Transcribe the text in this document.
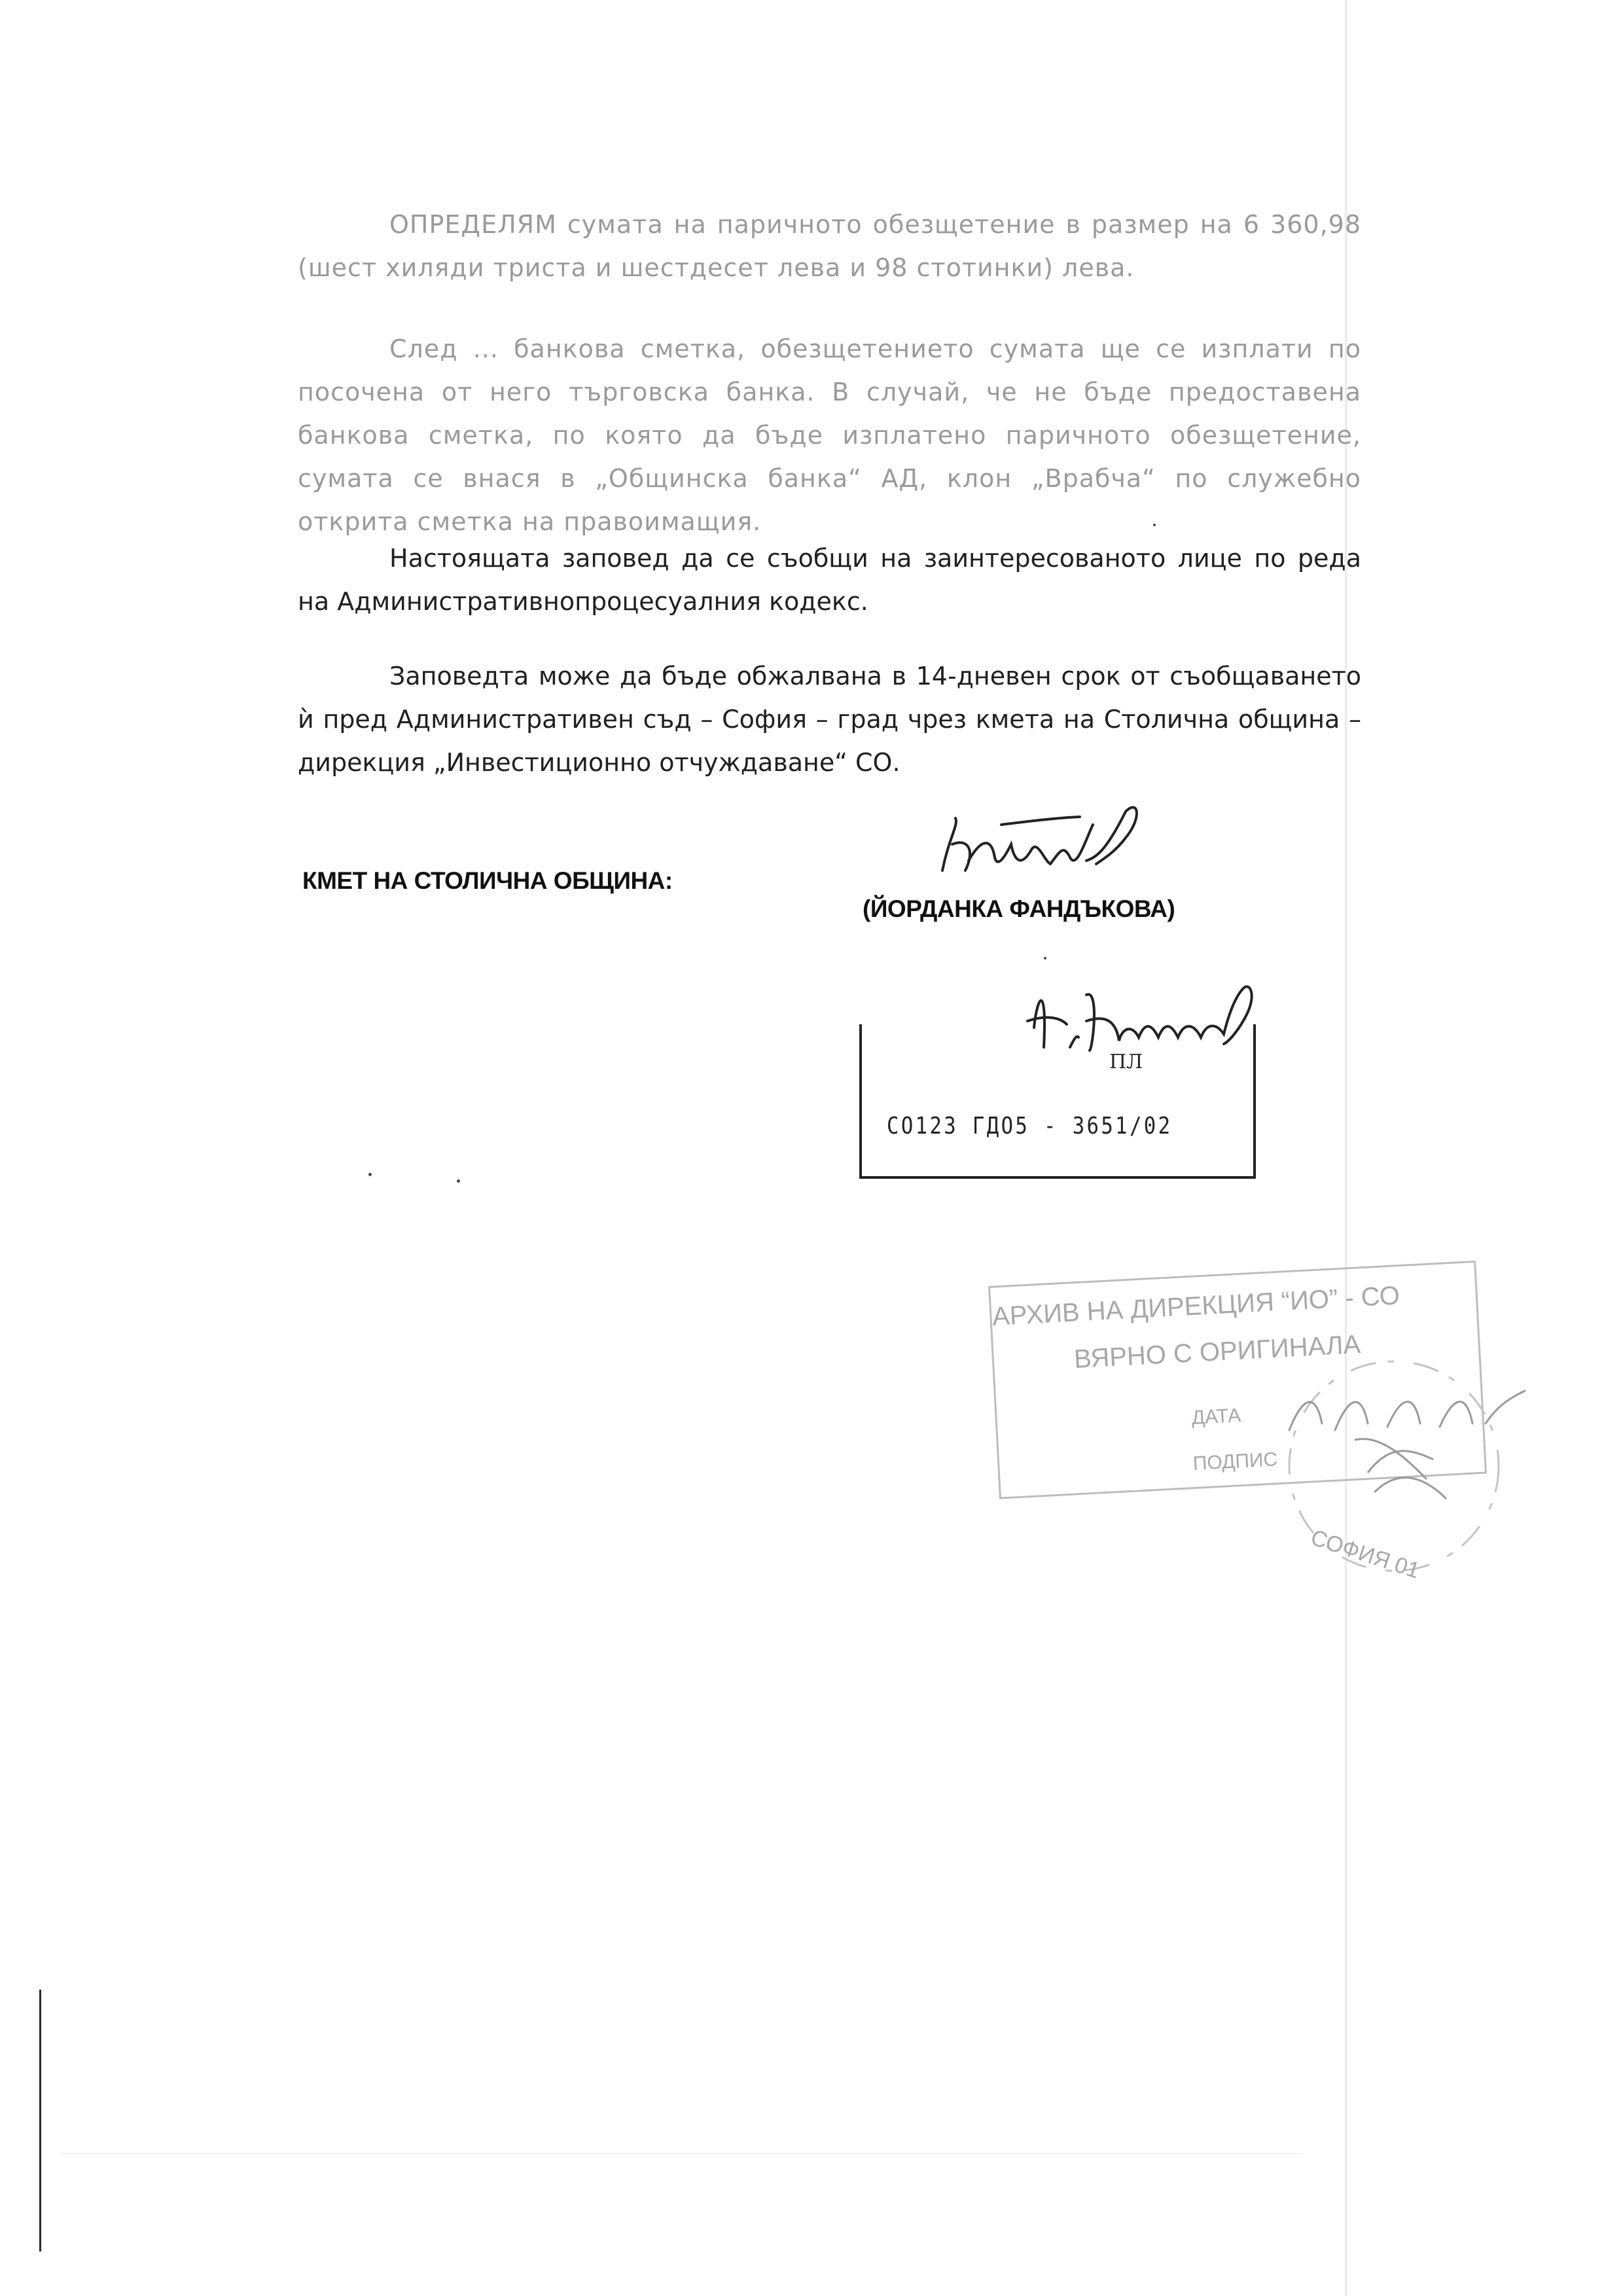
ОПРЕДЕЛЯМ сумата на паричното обезщетение в размер на 6 360,98 (шест хиляди триста и шестдесет лева и 98 стотинки) лева.

След ... банкова сметка, обезщетението сумата ще се изплати по посочена от него търговска банка. В случай, че не бъде предоставена банкова сметка, по която да бъде изплатено паричното обезщетение, сумата се внася в „Общинска банка“ АД, клон „Врабча“ по служебно открита сметка на правоимащия.

Настоящата заповед да се съобщи на заинтересованото лице по реда на Административнопроцесуалния кодекс.

Заповедта може да бъде обжалвана в 14-дневен срок от съобщаването ѝ пред Административен съд – София – град чрез кмета на Столична община – дирекция „Инвестиционно отчуждаване“ СО.

КМЕТ НА СТОЛИЧНА ОБЩИНА:
(ЙОРДАНКА ФАНДЪКОВА)
ПЛ
СО123 ГДО5 - 3651/02
АРХИВ НА ДИРЕКЦИЯ “ИО” - СО
ВЯРНО С ОРИГИНАЛА
ДАТА
ПОДПИС
СОФИЯ 01
